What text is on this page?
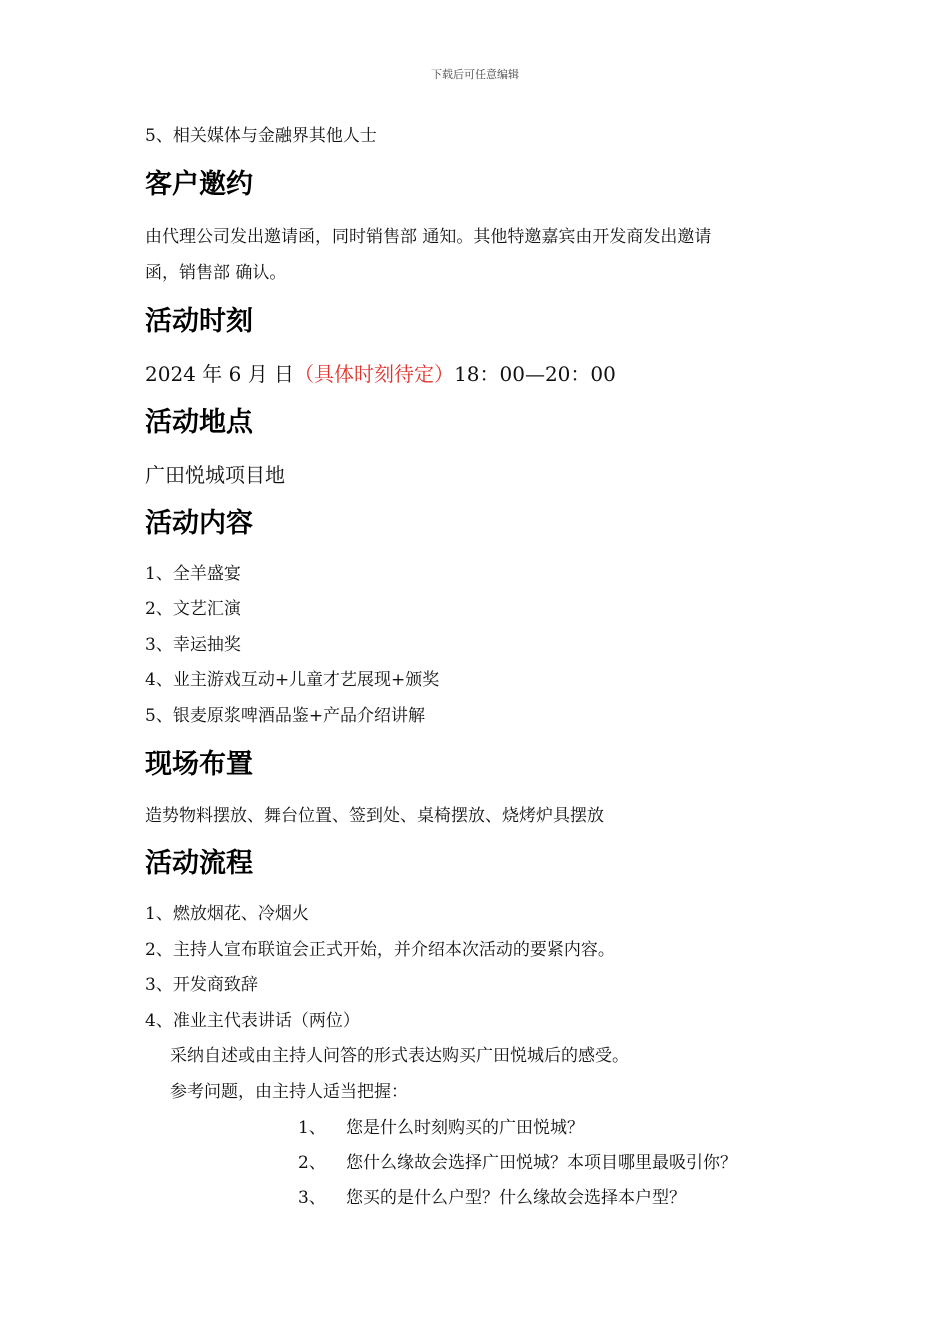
下载后可任意编辑
5、相关媒体与金融界其他人士
客户邀约
由代理公司发出邀请函，同时销售部 通知。其他特邀嘉宾由开发商发出邀请
函，销售部 确认。
活动时刻
2024 年 6 月 日（具体时刻待定）18：00—20：00
活动地点
广田悦城项目地
活动内容
1、全羊盛宴
2、文艺汇演
3、幸运抽奖
4、业主游戏互动+儿童才艺展现+颁奖
5、银麦原浆啤酒品鉴+产品介绍讲解
现场布置
造势物料摆放、舞台位置、签到处、桌椅摆放、烧烤炉具摆放
活动流程
1、燃放烟花、冷烟火
2、主持人宣布联谊会正式开始，并介绍本次活动的要紧内容。
3、开发商致辞
4、准业主代表讲话（两位）
采纳自述或由主持人问答的形式表达购买广田悦城后的感受。
参考问题，由主持人适当把握：
1、 您是什么时刻购买的广田悦城？
2、 您什么缘故会选择广田悦城？本项目哪里最吸引你？
3、 您买的是什么户型？什么缘故会选择本户型？
